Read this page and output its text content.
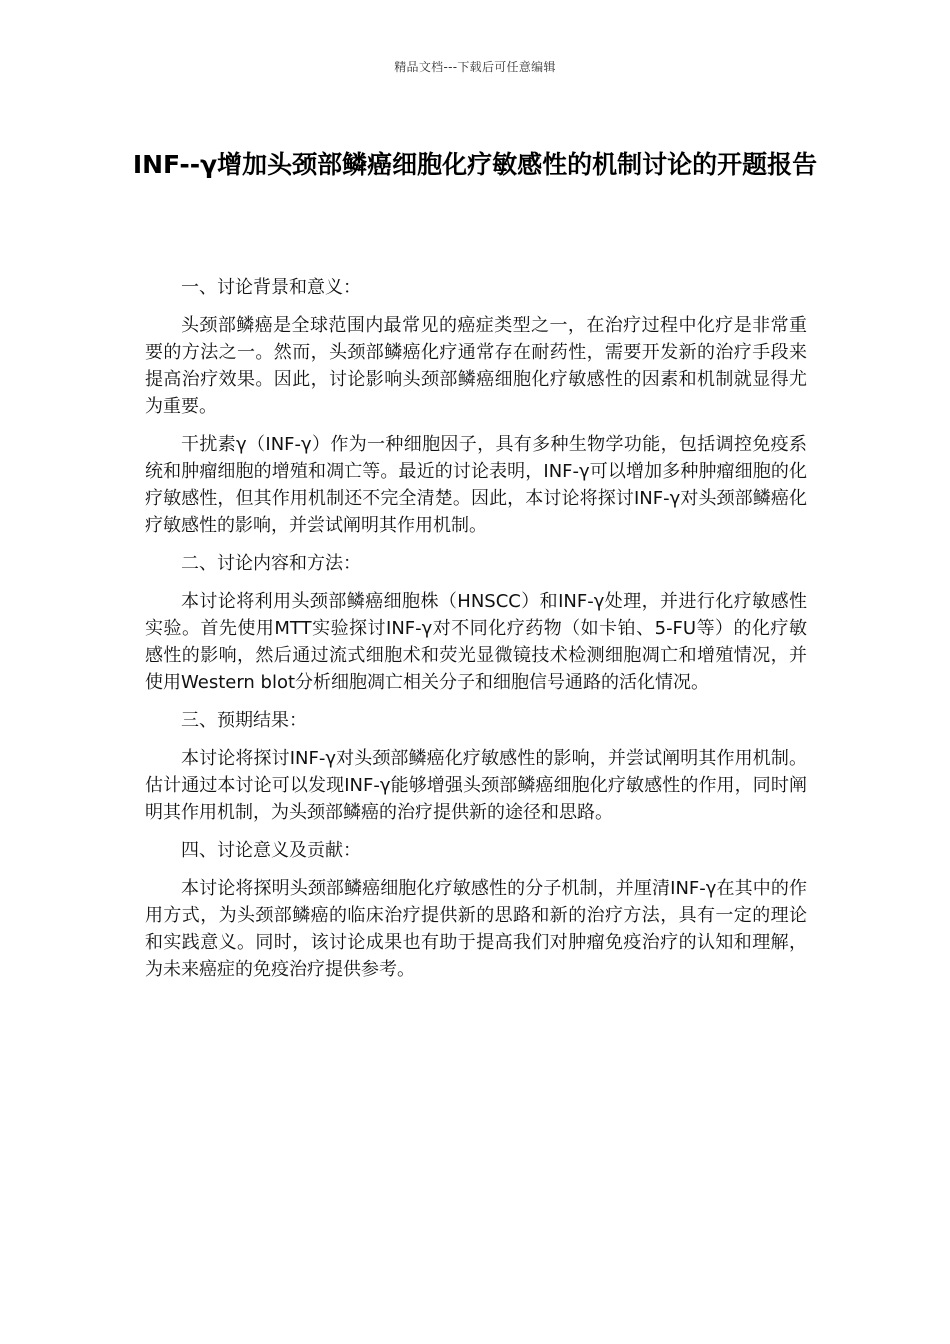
精品文档---下载后可任意编辑
INF--γ增加头颈部鳞癌细胞化疗敏感性的机制讨论的开题报告

一、讨论背景和意义：

头颈部鳞癌是全球范围内最常见的癌症类型之一，在治疗过程中化疗是非常重要的方法之一。然而，头颈部鳞癌化疗通常存在耐药性，需要开发新的治疗手段来提高治疗效果。因此，讨论影响头颈部鳞癌细胞化疗敏感性的因素和机制就显得尤为重要。

干扰素γ（INF-γ）作为一种细胞因子，具有多种生物学功能，包括调控免疫系统和肿瘤细胞的增殖和凋亡等。最近的讨论表明，INF-γ可以增加多种肿瘤细胞的化疗敏感性，但其作用机制还不完全清楚。因此，本讨论将探讨INF-γ对头颈部鳞癌化疗敏感性的影响，并尝试阐明其作用机制。

二、讨论内容和方法：

本讨论将利用头颈部鳞癌细胞株（HNSCC）和INF-γ处理，并进行化疗敏感性实验。首先使用MTT实验探讨INF-γ对不同化疗药物（如卡铂、5-FU等）的化疗敏感性的影响，然后通过流式细胞术和荧光显微镜技术检测细胞凋亡和增殖情况，并使用Western blot分析细胞凋亡相关分子和细胞信号通路的活化情况。

三、预期结果：

本讨论将探讨INF-γ对头颈部鳞癌化疗敏感性的影响，并尝试阐明其作用机制。估计通过本讨论可以发现INF-γ能够增强头颈部鳞癌细胞化疗敏感性的作用，同时阐明其作用机制，为头颈部鳞癌的治疗提供新的途径和思路。

四、讨论意义及贡献：

本讨论将探明头颈部鳞癌细胞化疗敏感性的分子机制，并厘清INF-γ在其中的作用方式，为头颈部鳞癌的临床治疗提供新的思路和新的治疗方法，具有一定的理论和实践意义。同时，该讨论成果也有助于提高我们对肿瘤免疫治疗的认知和理解，为未来癌症的免疫治疗提供参考。
